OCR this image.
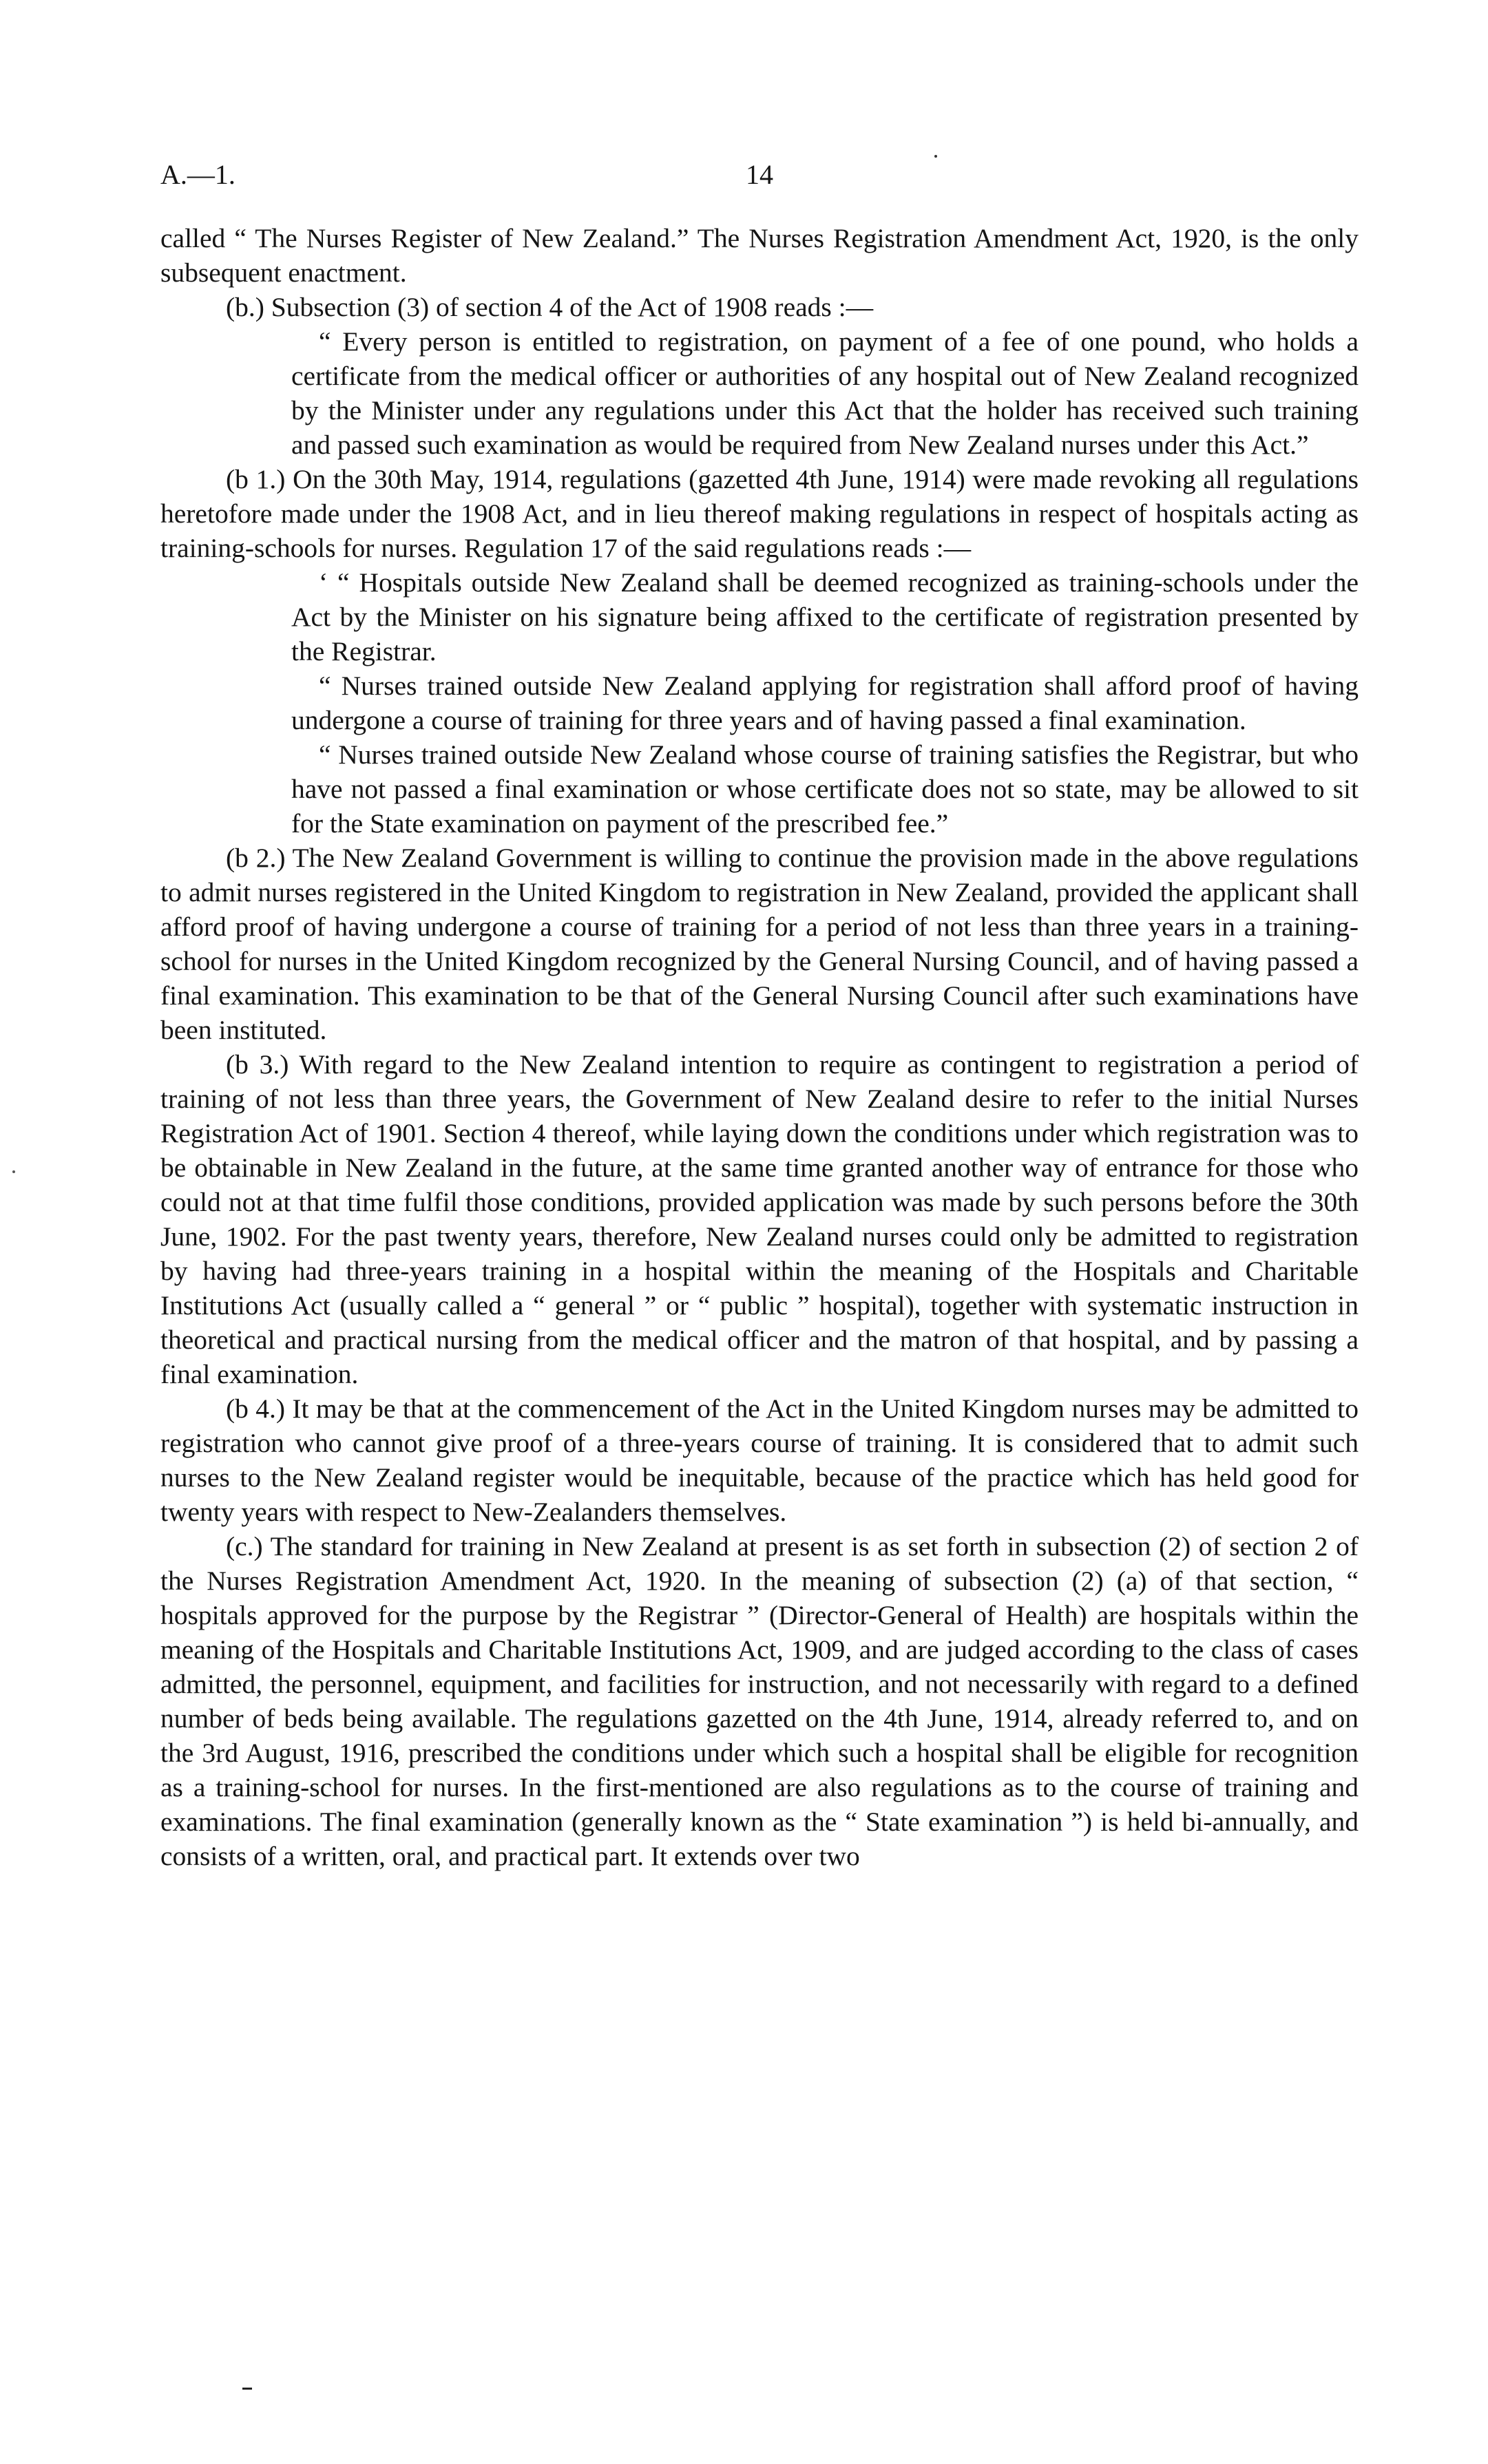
A.—1.	14

called “ The Nurses Register of New Zealand.” The Nurses Registration Amendment Act, 1920, is the only subsequent enactment.

(b.) Subsection (3) of section 4 of the Act of 1908 reads :—

“ Every person is entitled to registration, on payment of a fee of one pound, who holds a certificate from the medical officer or authorities of any hospital out of New Zealand recognized by the Minister under any regulations under this Act that the holder has received such training and passed such examination as would be required from New Zealand nurses under this Act.”

(b 1.) On the 30th May, 1914, regulations (gazetted 4th June, 1914) were made revoking all regulations heretofore made under the 1908 Act, and in lieu thereof making regulations in respect of hospitals acting as training-schools for nurses. Regulation 17 of the said regulations reads :—

‘ “ Hospitals outside New Zealand shall be deemed recognized as training-schools under the Act by the Minister on his signature being affixed to the certificate of registration presented by the Registrar.

“ Nurses trained outside New Zealand applying for registration shall afford proof of having undergone a course of training for three years and of having passed a final examination.

“ Nurses trained outside New Zealand whose course of training satisfies the Registrar, but who have not passed a final examination or whose certificate does not so state, may be allowed to sit for the State examination on payment of the prescribed fee.”

(b 2.) The New Zealand Government is willing to continue the provision made in the above regulations to admit nurses registered in the United Kingdom to registration in New Zealand, provided the applicant shall afford proof of having undergone a course of training for a period of not less than three years in a training-school for nurses in the United Kingdom recognized by the General Nursing Council, and of having passed a final examination. This examination to be that of the General Nursing Council after such examinations have been instituted.

(b 3.) With regard to the New Zealand intention to require as contingent to registration a period of training of not less than three years, the Government of New Zealand desire to refer to the initial Nurses Registration Act of 1901. Section 4 thereof, while laying down the conditions under which registration was to be obtainable in New Zealand in the future, at the same time granted another way of entrance for those who could not at that time fulfil those conditions, provided application was made by such persons before the 30th June, 1902. For the past twenty years, therefore, New Zealand nurses could only be admitted to registration by having had three-years training in a hospital within the meaning of the Hospitals and Charitable Institutions Act (usually called a “ general ” or “ public ” hospital), together with systematic instruction in theoretical and practical nursing from the medical officer and the matron of that hospital, and by passing a final examination.

(b 4.) It may be that at the commencement of the Act in the United Kingdom nurses may be admitted to registration who cannot give proof of a three-years course of training. It is considered that to admit such nurses to the New Zealand register would be inequitable, because of the practice which has held good for twenty years with respect to New-Zealanders themselves.

(c.) The standard for training in New Zealand at present is as set forth in subsection (2) of section 2 of the Nurses Registration Amendment Act, 1920. In the meaning of subsection (2) (a) of that section, “ hospitals approved for the purpose by the Registrar ” (Director-General of Health) are hospitals within the meaning of the Hospitals and Charitable Institutions Act, 1909, and are judged according to the class of cases admitted, the personnel, equipment, and facilities for instruction, and not necessarily with regard to a defined number of beds being available. The regulations gazetted on the 4th June, 1914, already referred to, and on the 3rd August, 1916, prescribed the conditions under which such a hospital shall be eligible for recognition as a training-school for nurses. In the first-mentioned are also regulations as to the course of training and examinations. The final examination (generally known as the “ State examination ”) is held bi-annually, and consists of a written, oral, and practical part. It extends over two
